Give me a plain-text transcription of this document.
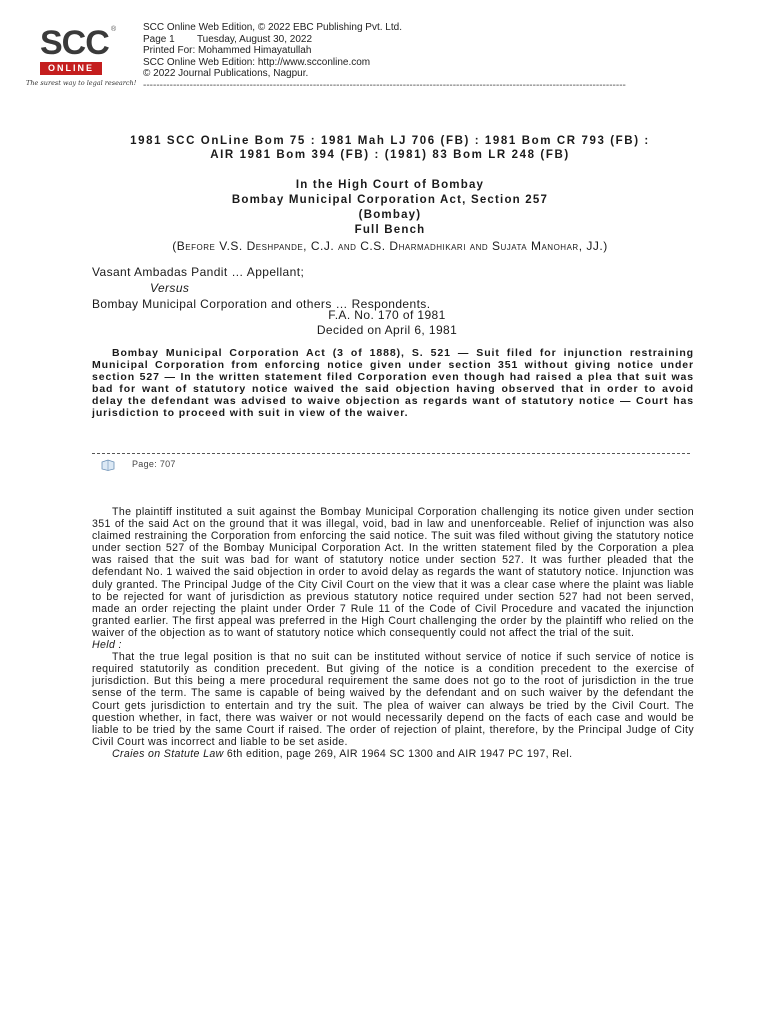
SCC ®
ONLINE
The surest way to legal research!
SCC Online Web Edition, © 2022 EBC Publishing Pvt. Ltd.
Page 1 Tuesday, August 30, 2022
Printed For: Mohammed Himayatullah
SCC Online Web Edition: http://www.scconline.com
© 2022 Journal Publications, Nagpur.
-------------------------------------------------------------------------------------------------------------------------------------------------
1981 SCC OnLine Bom 75 : 1981 Mah LJ 706 (FB) : 1981 Bom CR 793 (FB) :
AIR 1981 Bom 394 (FB) : (1981) 83 Bom LR 248 (FB)
In the High Court of Bombay
Bombay Municipal Corporation Act, Section 257
(Bombay)
Full Bench
(Before V.S. Deshpande, C.J. and C.S. Dharmadhikari and Sujata Manohar, JJ.)
Vasant Ambadas Pandit … Appellant;
Versus
Bombay Municipal Corporation and others … Respondents.
F.A. No. 170 of 1981
Decided on April 6, 1981
Bombay Municipal Corporation Act (3 of 1888), S. 521 — Suit filed for injunction restraining Municipal Corporation from enforcing notice given under section 351 without giving notice under section 527 — In the written statement filed Corporation even though had raised a plea that suit was bad for want of statutory notice waived the said objection having observed that in order to avoid delay the defendant was advised to waive objection as regards want of statutory notice — Court has jurisdiction to proceed with suit in view of the waiver.
Page: 707

The plaintiff instituted a suit against the Bombay Municipal Corporation challenging its notice given under section 351 of the said Act on the ground that it was illegal, void, bad in law and unenforceable. Relief of injunction was also claimed restraining the Corporation from enforcing the said notice. The suit was filed without giving the statutory notice under section 527 of the Bombay Municipal Corporation Act. In the written statement filed by the Corporation a plea was raised that the suit was bad for want of statutory notice under section 527. It was further pleaded that the defendant No. 1 waived the said objection in order to avoid delay as regards the want of statutory notice. Injunction was duly granted. The Principal Judge of the City Civil Court on the view that it was a clear case where the plaint was liable to be rejected for want of jurisdiction as previous statutory notice required under section 527 had not been served, made an order rejecting the plaint under Order 7 Rule 11 of the Code of Civil Procedure and vacated the injunction granted earlier. The first appeal was preferred in the High Court challenging the order by the plaintiff who relied on the waiver of the objection as to want of statutory notice which consequently could not affect the trial of the suit.

Held :

That the true legal position is that no suit can be instituted without service of notice if such service of notice is required statutorily as condition precedent. But giving of the notice is a condition precedent to the exercise of jurisdiction. But this being a mere procedural requirement the same does not go to the root of jurisdiction in the true sense of the term. The same is capable of being waived by the defendant and on such waiver by the defendant the Court gets jurisdiction to entertain and try the suit. The plea of waiver can always be tried by the Civil Court. The question whether, in fact, there was waiver or not would necessarily depend on the facts of each case and would be liable to be tried by the same Court if raised. The order of rejection of plaint, therefore, by the Principal Judge of City Civil Court was incorrect and liable to be set aside.

Craies on Statute Law 6th edition, page 269, AIR 1964 SC 1300 and AIR 1947 PC 197, Rel.
